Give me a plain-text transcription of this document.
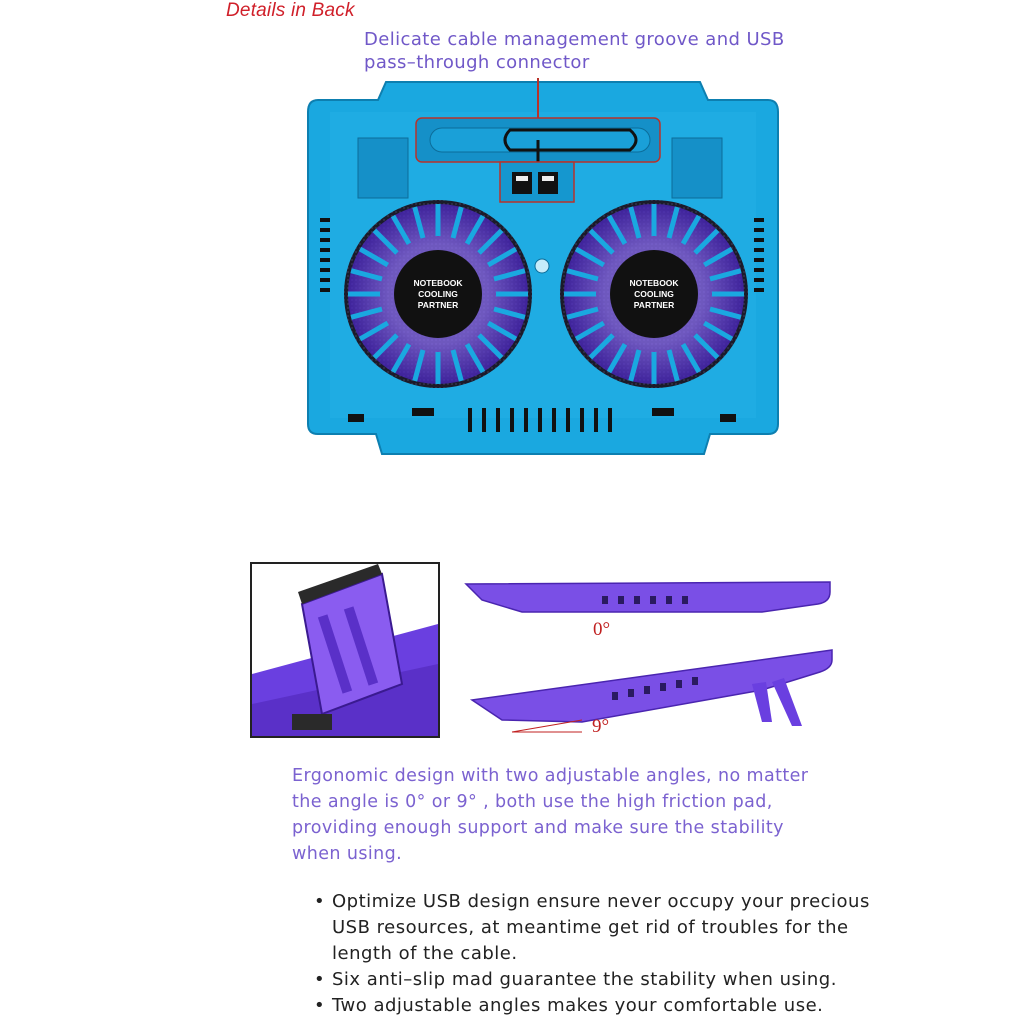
Details in Back
Delicate cable management groove and USB
pass–through connector
NOTEBOOK
COOLING
PARTNER
NOTEBOOK
COOLING
PARTNER
0°
9°
Ergonomic design with two adjustable angles, no matter the angle is 0° or 9° , both use the high friction pad, providing enough support and make sure the stability when using.
• Optimize USB design ensure never occupy your precious USB resources, at meantime get rid of troubles for the length of the cable.
• Six anti–slip mad guarantee the stability when using.
• Two adjustable angles makes your comfortable use.
